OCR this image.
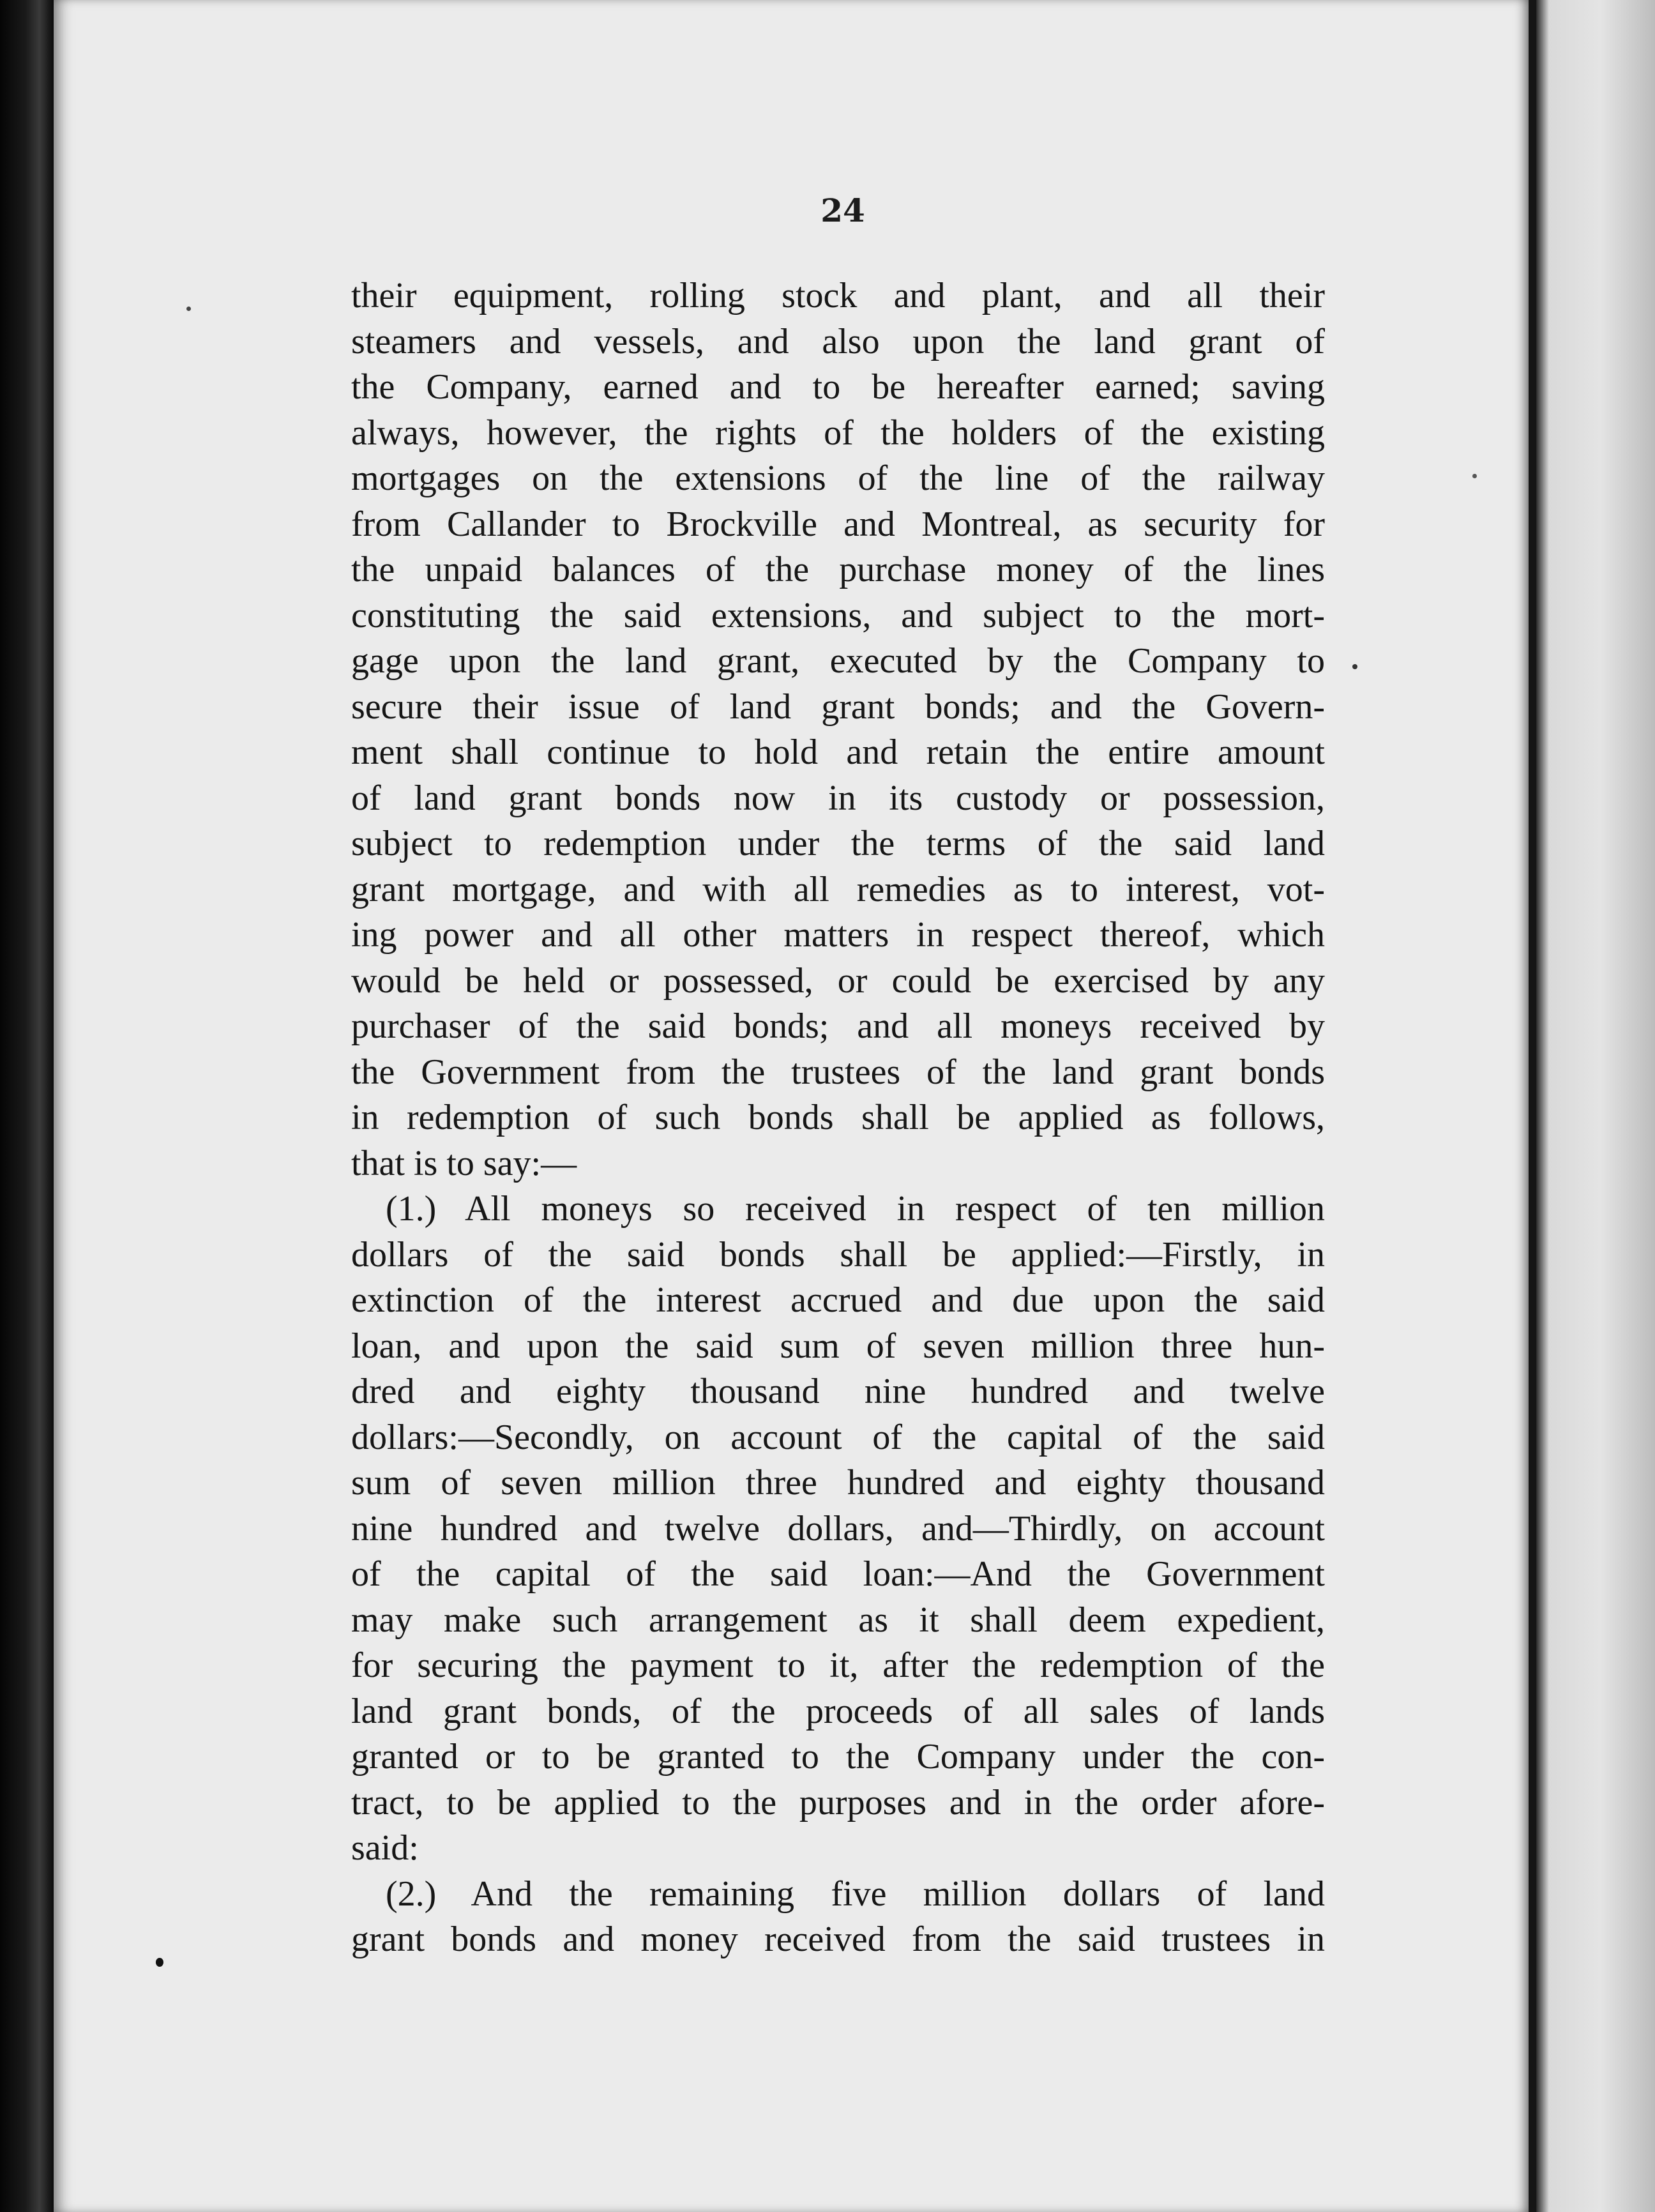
24
their equipment, rolling stock and plant, and all their
steamers and vessels, and also upon the land grant of
the Company, earned and to be hereafter earned; saving
always, however, the rights of the holders of the existing
mortgages on the extensions of the line of the railway
from Callander to Brockville and Montreal, as security for
the unpaid balances of the purchase money of the lines
constituting the said extensions, and subject to the mort-
gage upon the land grant, executed by the Company to
secure their issue of land grant bonds; and the Govern-
ment shall continue to hold and retain the entire amount
of land grant bonds now in its custody or possession,
subject to redemption under the terms of the said land
grant mortgage, and with all remedies as to interest, vot-
ing power and all other matters in respect thereof, which
would be held or possessed, or could be exercised by any
purchaser of the said bonds; and all moneys received by
the Government from the trustees of the land grant bonds
in redemption of such bonds shall be applied as follows,
that is to say:—
(1.) All moneys so received in respect of ten million
dollars of the said bonds shall be applied:—Firstly, in
extinction of the interest accrued and due upon the said
loan, and upon the said sum of seven million three hun-
dred and eighty thousand nine hundred and twelve
dollars:—Secondly, on account of the capital of the said
sum of seven million three hundred and eighty thousand
nine hundred and twelve dollars, and—Thirdly, on account
of the capital of the said loan:—And the Government
may make such arrangement as it shall deem expedient,
for securing the payment to it, after the redemption of the
land grant bonds, of the proceeds of all sales of lands
granted or to be granted to the Company under the con-
tract, to be applied to the purposes and in the order afore-
said:
(2.) And the remaining five million dollars of land
grant bonds and money received from the said trustees in
